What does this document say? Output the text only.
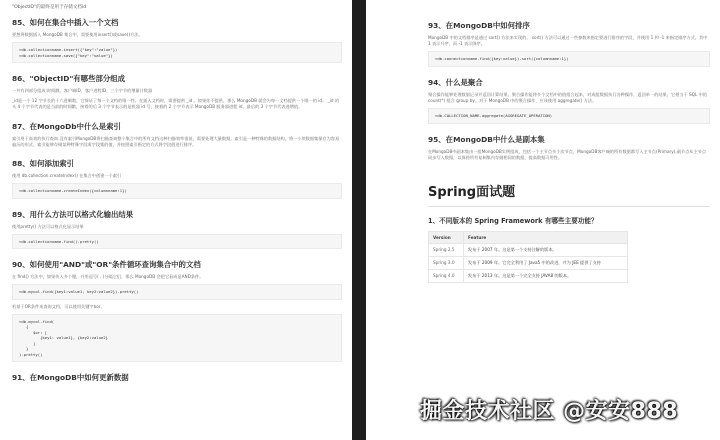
"ObjectID"的最终是用于存储文档id
85、如何在集合中插入一个文档
要想将数据插入 MongoDB 集合中，需要使用insert()或save()方法。
>db.collectionname.insert({"key":"value"})
>db.collectionname.save({"key":"value"})
86、"ObjectID"有哪些部分组成
一共有四部分组成:时间戳、客户端ID、客户进程ID、三个字节的增量计数器
_id是一个 12 字节长的十六进制数，它保证了每一个文档的唯一性。在插入文档时，需要提供 _id 。如果你不提供，那么 MongoDB 就会为每一文档提供一个唯一的 id。 _id 的头 4 个字节代表的是当前的时间戳，接着的后 3 个字节表示的是机器 id 号，接着的 2 个字节表示 MongoDB 服务器进程 id，最后的 3 个字节代表递增值。
87、在MongoDb中什么是索引
索引用于高效的执行查询.没有索引MongoDB将扫描查询整个集合中的所有文档这种扫描效率很低，需要处理大量数据。索引是一种特殊的数据结构，将一小块数据集保存为容易遍历的形式。索引能够存储某种特殊字段或字段集的值，并按照索引指定的方式将字段值进行排序。
88、如何添加索引
使用 db.collection.createIndex() 在集合中创建一个索引
>db.collectionname.createIndex({columnname:1})
89、用什么方法可以格式化输出结果
使用pretty() 方法可以格式化显示结果
>db.collectionname.find().pretty()
90、如何使用"AND"或"OR"条件循环查询集合中的文档
在 find() 方法中，如果传入多个键，并用逗号( , )分隔它们，那么 MongoDB 会把它看成是AND条件。
>db.mycol.find({key1:value1, key2:value2}).pretty()
若基于OR条件来查询文档，可以使用关键字$or。
>db.mycol.find(
{
$or: [
{key1: value1}, {key2:value2}
]
}
).pretty()
91、在MongoDB中如何更新数据
93、在MongoDB中如何排序
MongoDB 中的文档排序是通过 sort() 方法来实现的。 sort() 方法可以通过一些参数来指定要进行排序的字段，并使用 1 和 -1 来指定排序方式，其中 1 表示升序，而 -1 表示降序。
>db.connectionname.find({key:value}).sort({columnname:1})
94、什么是聚合
聚合操作能够处理数据记录并返回计算结果。聚合操作能将多个文档中的值组合起来，对成组数据执行各种操作，返回单一的结果。它相当于 SQL 中的 count(*) 组合 group by。对于 MongoDB 中的聚合操作，应该使用 aggregate() 方法。
>db.COLLECTION_NAME.aggregate(AGGREGATE_OPERATION)
95、在MongoDB中什么是副本集
在MongoDB中副本集由一组MongoDB实例组成，包括一个主节点多个次节点，MongoDB客户端的所有数据都写入主节点(Primary),副节点从主节点同步写入数据，以保持所有复制集内存储相同的数据，提高数据可用性。
Spring面试题
1、不同版本的 Spring Framework 有哪些主要功能？
Version	Feature
Spring 2.5	发布于 2007 年。这是第一个支持注解的版本。
Spring 3.0	发布于 2009 年。它完全利用了 Java5 中的改进，并为 JEE 提供了支持
Spring 4.0	发布于 2013 年。这是第一个完全支持 JAVA8 的版本。
掘金技术社区 @安安888
